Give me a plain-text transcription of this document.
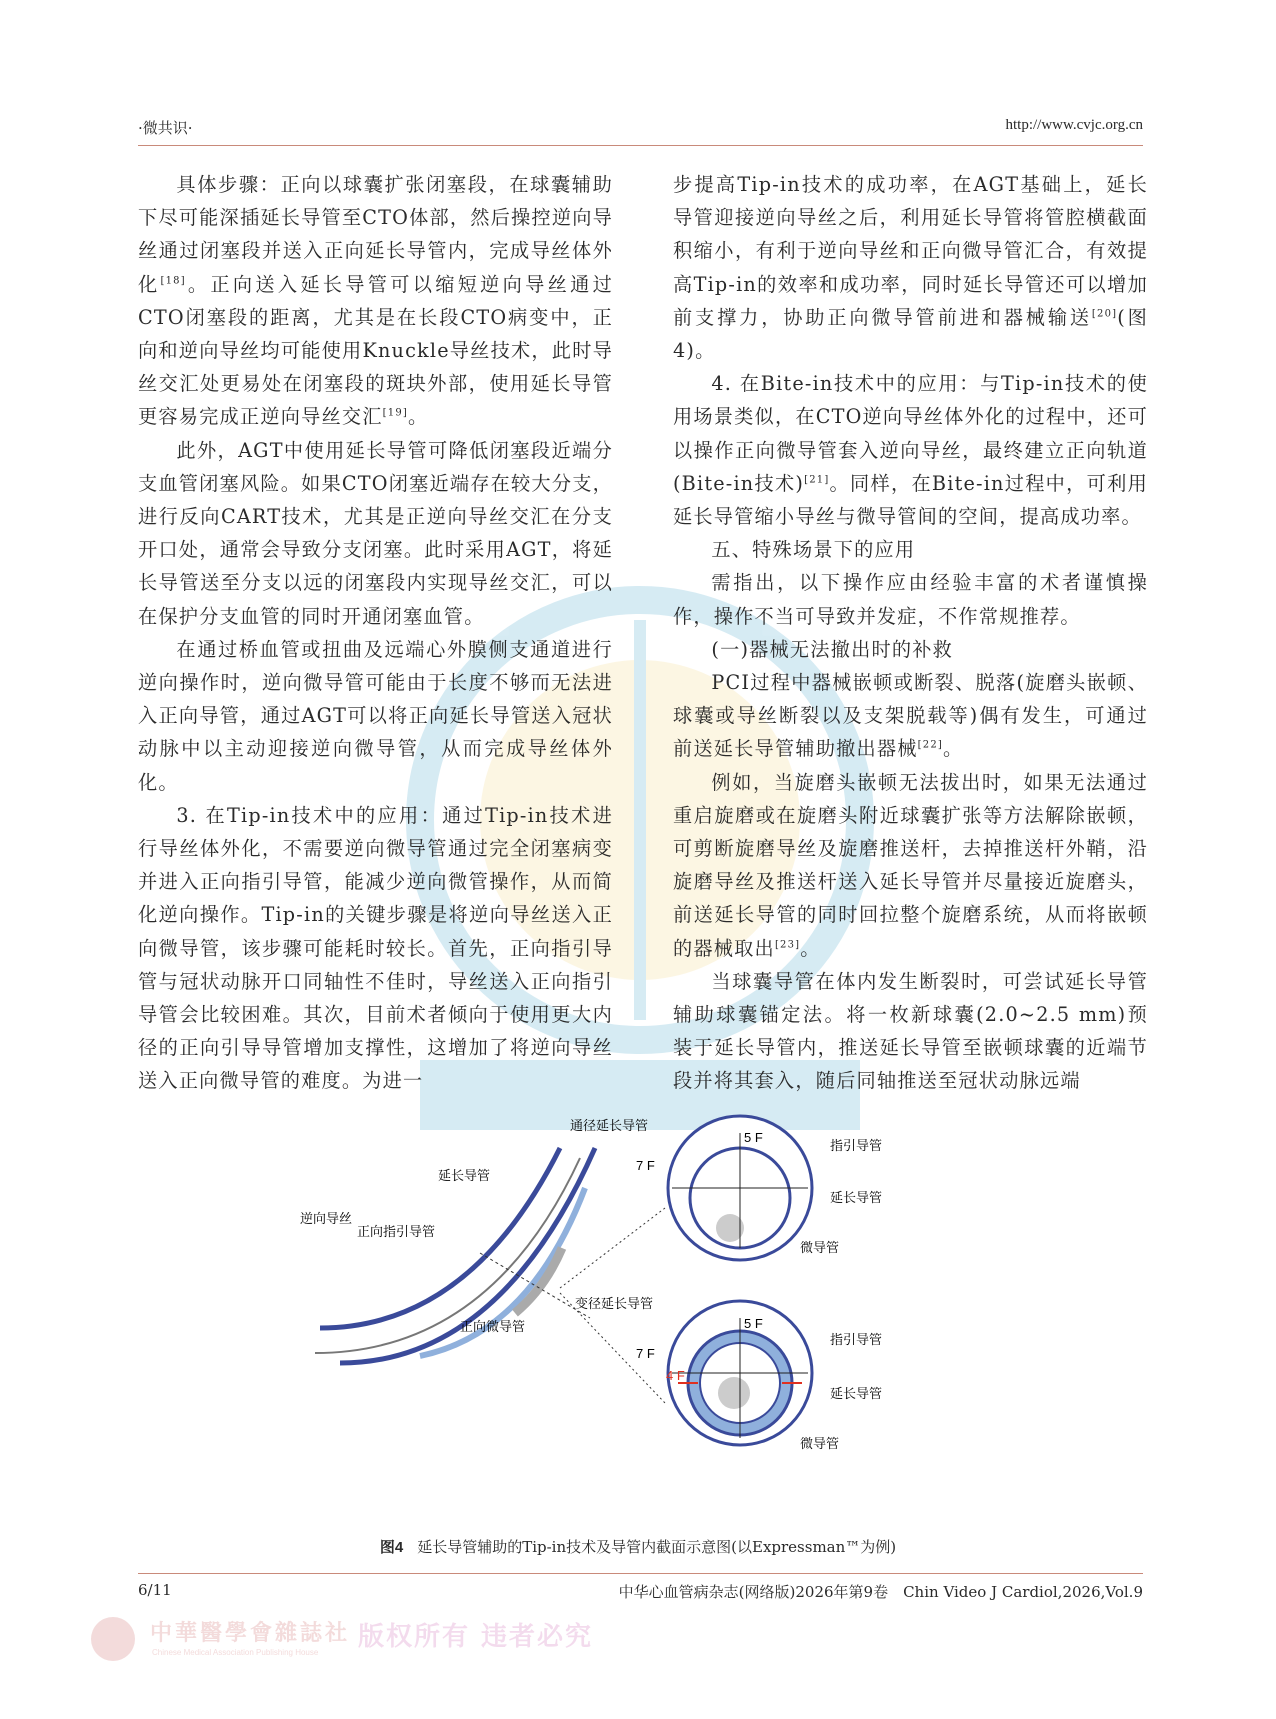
·微共识·	http://www.cvjc.org.cn

具体步骤：正向以球囊扩张闭塞段，在球囊辅助下尽可能深插延长导管至CTO体部，然后操控逆向导丝通过闭塞段并送入正向延长导管内，完成导丝体外化[18]。正向送入延长导管可以缩短逆向导丝通过CTO闭塞段的距离，尤其是在长段CTO病变中，正向和逆向导丝均可能使用Knuckle导丝技术，此时导丝交汇处更易处在闭塞段的斑块外部，使用延长导管更容易完成正逆向导丝交汇[19]。

此外，AGT中使用延长导管可降低闭塞段近端分支血管闭塞风险。如果CTO闭塞近端存在较大分支，进行反向CART技术，尤其是正逆向导丝交汇在分支开口处，通常会导致分支闭塞。此时采用AGT，将延长导管送至分支以远的闭塞段内实现导丝交汇，可以在保护分支血管的同时开通闭塞血管。

在通过桥血管或扭曲及远端心外膜侧支通道进行逆向操作时，逆向微导管可能由于长度不够而无法进入正向导管，通过AGT可以将正向延长导管送入冠状动脉中以主动迎接逆向微导管，从而完成导丝体外化。

3. 在Tip-in技术中的应用：通过Tip-in技术进行导丝体外化，不需要逆向微导管通过完全闭塞病变并进入正向指引导管，能减少逆向微管操作，从而简化逆向操作。Tip-in的关键步骤是将逆向导丝送入正向微导管，该步骤可能耗时较长。首先，正向指引导管与冠状动脉开口同轴性不佳时，导丝送入正向指引导管会比较困难。其次，目前术者倾向于使用更大内径的正向引导导管增加支撑性，这增加了将逆向导丝送入正向微导管的难度。为进一

步提高Tip-in技术的成功率，在AGT基础上，延长导管迎接逆向导丝之后，利用延长导管将管腔横截面积缩小，有利于逆向导丝和正向微导管汇合，有效提高Tip-in的效率和成功率，同时延长导管还可以增加前支撑力，协助正向微导管前进和器械输送[20](图4)。

4. 在Bite-in技术中的应用：与Tip-in技术的使用场景类似，在CTO逆向导丝体外化的过程中，还可以操作正向微导管套入逆向导丝，最终建立正向轨道(Bite-in技术)[21]。同样，在Bite-in过程中，可利用延长导管缩小导丝与微导管间的空间，提高成功率。

五、特殊场景下的应用

需指出，以下操作应由经验丰富的术者谨慎操作，操作不当可导致并发症，不作常规推荐。

(一)器械无法撤出时的补救

PCI过程中器械嵌顿或断裂、脱落(旋磨头嵌顿、球囊或导丝断裂以及支架脱载等)偶有发生，可通过前送延长导管辅助撤出器械[22]。

例如，当旋磨头嵌顿无法拔出时，如果无法通过重启旋磨或在旋磨头附近球囊扩张等方法解除嵌顿，可剪断旋磨导丝及旋磨推送杆，去掉推送杆外鞘，沿旋磨导丝及推送杆送入延长导管并尽量接近旋磨头，前送延长导管的同时回拉整个旋磨系统，从而将嵌顿的器械取出[23]。

当球囊导管在体内发生断裂时，可尝试延长导管辅助球囊锚定法。将一枚新球囊(2.0~2.5 mm)预装于延长导管内，推送延长导管至嵌顿球囊的近端节段并将其套入，随后同轴推送至冠状动脉远端

逆向导丝
延长导管
正向指引导管
正向微导管
通径延长导管
5 F
7 F
指引导管
延长导管
微导管
变径延长导管
5 F
7 F
4 F
指引导管
延长导管
微导管
图4 延长导管辅助的Tip-in技术及导管内截面示意图(以Expressman™为例)
6/11	中华心血管病杂志(网络版)2026年第9卷　Chin Video J Cardiol,2026,Vol.9
中華醫學會雜誌社
Chinese Medical Association Publishing House
版权所有 违者必究
